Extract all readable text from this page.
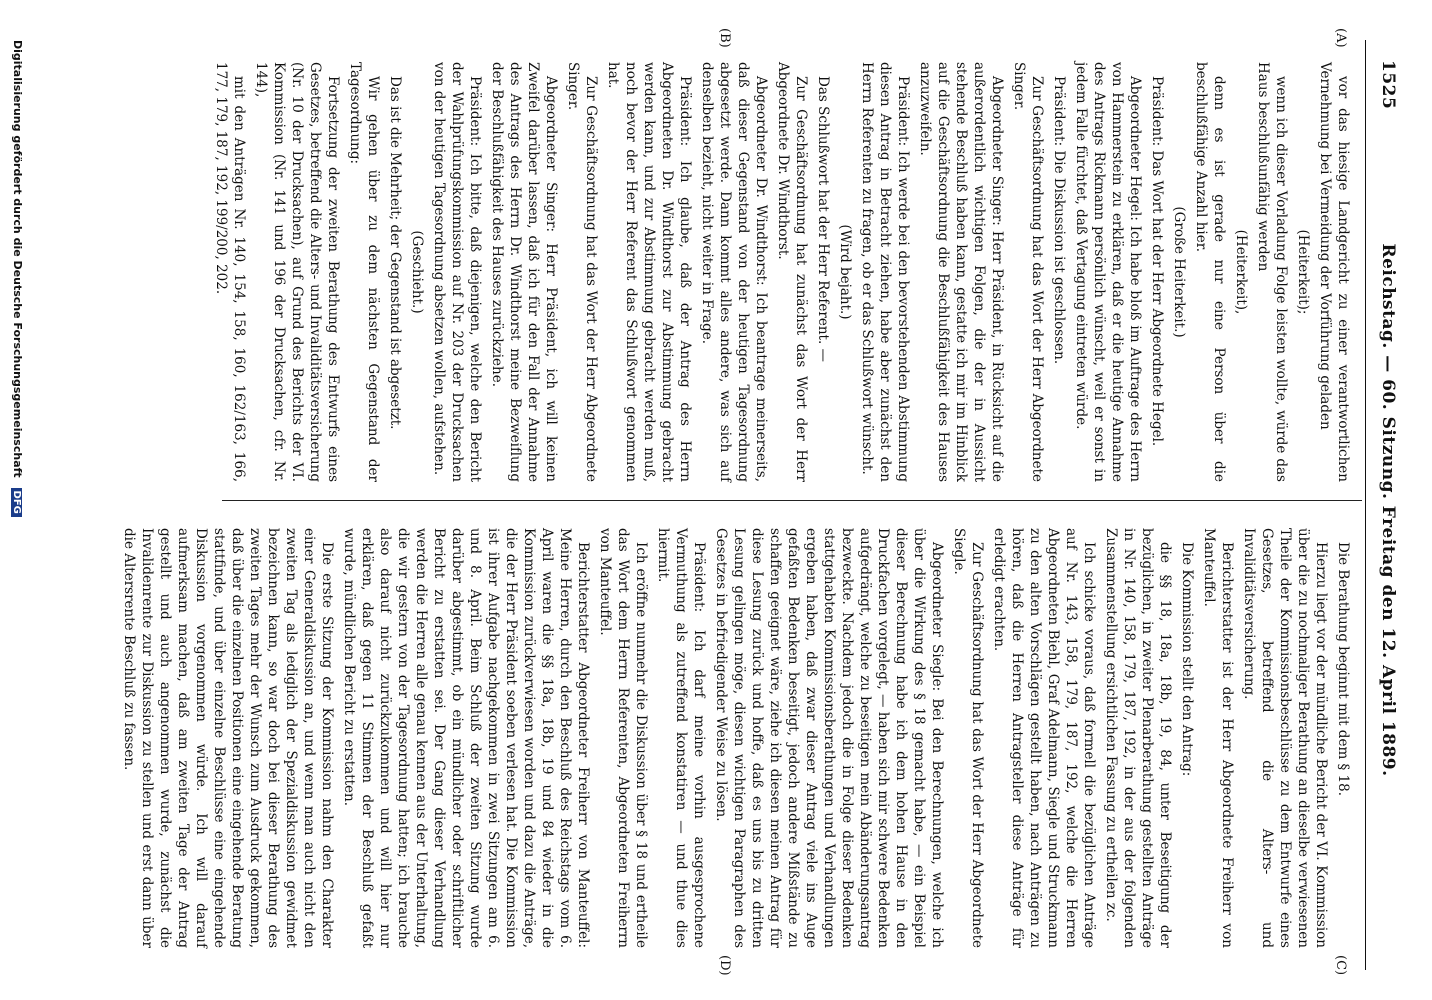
1525
Reichstag. — 60. Sitzung. Freitag den 12. April 1889.
(A)
(B)
(C)
(D)

vor das hiesige Landgericht zu einer verantwortlichen Vernehmung bei Vermeidung der Vorführung geladen

(Heiterkeit);

wenn ich dieser Vorladung Folge leisten wollte, würde das Haus beschlußunfähig werden

(Heiterkeit),

denn es ist gerade nur eine Person über die beschlußfähige Anzahl hier.

(Große Heiterkeit.)

Präsident: Das Wort hat der Herr Abgeordnete Hegel.

Abgeordneter Hegel: Ich habe bloß im Auftrage des Herrn von Hammerstein zu erklären, daß er die heutige Annahme des Antrags Rickmann persönlich wünscht, weil er sonst in jedem Falle fürchtet, daß Vertagung eintreten würde.

Präsident: Die Diskussion ist geschlossen.

Zur Geschäftsordnung hat das Wort der Herr Abgeordnete Singer.

Abgeordneter Singer: Herr Präsident, in Rücksicht auf die außerordentlich wichtigen Folgen, die der in Aussicht stehende Beschluß haben kann, gestatte ich mir im Hinblick auf die Geschäftsordnung die Beschlußfähigkeit des Hauses anzuzweifeln.

Präsident: Ich werde bei den bevorstehenden Abstimmung diesen Antrag in Betracht ziehen, habe aber zunächst den Herrn Referenten zu fragen, ob er das Schlußwort wünscht.

(Wird bejaht.)

Das Schlußwort hat der Herr Referent. —

Zur Geschäftsordnung hat zunächst das Wort der Herr Abgeordnete Dr. Windthorst.

Abgeordneter Dr. Windthorst: Ich beantrage meinerseits, daß dieser Gegenstand von der heutigen Tagesordnung abgesetzt werde. Dann kommt alles andere, was sich auf denselben bezieht, nicht weiter in Frage.

Präsident: Ich glaube, daß der Antrag des Herrn Abgeordneten Dr. Windthorst zur Abstimmung gebracht werden kann, und zur Abstimmung gebracht werden muß, noch bevor der Herr Referent das Schlußwort genommen hat.

Zur Geschäftsordnung hat das Wort der Herr Abgeordnete Singer.

Abgeordneter Singer: Herr Präsident, ich will keinen Zweifel darüber lassen, daß ich für den Fall der Annahme des Antrags des Herrn Dr. Windthorst meine Bezweiflung der Beschlußfähigkeit des Hauses zurückziehe.

Präsident: Ich bitte, daß diejenigen, welche den Bericht der Wahlprüfungskommission auf Nr. 203 der Drucksachen von der heutigen Tagesordnung absetzen wollen, aufstehen.

(Geschieht.)

Das ist die Mehrheit; der Gegenstand ist abgesetzt.

Wir gehen über zu dem nächsten Gegenstand der Tagesordnung:

Fortsetzung der zweiten Berathung des Entwurfs eines Gesetzes, betreffend die Alters- und Invaliditätsversicherung (Nr. 10 der Drucksachen), auf Grund des Berichts der VI. Kommission (Nr. 141 und 196 der Drucksachen, cfr. Nr. 144),

mit den Anträgen Nr. 140, 154, 158, 160, 162/163, 166, 177, 179, 187, 192, 199/200, 202.

Die Berathung beginnt mit dem § 18.

Hierzu liegt vor der mündliche Bericht der VI. Kommission über die zu nochmaliger Berathung an dieselbe verwiesenen Theile der Kommissionsbeschlüsse zu dem Entwurfe eines Gesetzes, betreffend die Alters- und Invaliditätsversicherung.

Berichterstatter ist der Herr Abgeordnete Freiherr von Manteuffel.

Die Kommission stellt den Antrag:

die §§ 18, 18a, 18b, 19, 84, unter Beseitigung der bezüglichen, in zweiter Plenarberathung gestellten Anträge in Nr. 140, 158, 179, 187, 192, in der aus der folgenden Zusammenstellung ersichtlichen Fassung zu ertheilen zc.

Ich schicke voraus, daß formell die bezüglichen Anträge auf Nr. 143, 158, 179, 187, 192, welche die Herren Abgeordneten Biehl, Graf Adelmann, Siegle und Struckmann zu den alten Vorschlägen gestellt haben, nach Anträgen zu hören, daß die Herren Antragsteller diese Anträge für erledigt erachten.

Zur Geschäftsordnung hat das Wort der Herr Abgeordnete Siegle.

Abgeordneter Siegle: Bei den Berechnungen, welche ich über die Wirkung des § 18 gemacht habe, — ein Beispiel dieser Berechnung habe ich dem hohen Hause in den Druckfachen vorgelegt, — haben sich mir schwere Bedenken aufgedrängt, welche zu beseitigen mein Abänderungsantrag bezweckte. Nachdem jedoch die in Folge dieser Bedenken stattgehabten Kommissionsberathungen und Verhandlungen ergeben haben, daß zwar dieser Antrag viele ins Auge gefaßten Bedenken beseitigt, jedoch andere Mißstände zu schaffen geeignet wäre, ziehe ich diesen meinen Antrag für diese Lesung zurück und hoffe, daß es uns bis zu dritten Lesung gelingen möge, diesen wichtigen Paragraphen des Gesetzes in befriedigender Weise zu lösen.

Präsident: Ich darf meine vorhin ausgesprochene Vermuthung als zutreffend konstatiren — und thue dies hiermit.

Ich eröffne nunmehr die Diskussion über § 18 und ertheile das Wort dem Herrn Referenten, Abgeordneten Freiherrn von Manteuffel.

Berichterstatter Abgeordneter Freiherr von Manteuffel: Meine Herren, durch den Beschluß des Reichstags vom 6. April waren die §§ 18a, 18b, 19 und 84 wieder in die Kommission zurückverwiesen worden und dazu die Anträge, die der Herr Präsident soeben verlesen hat. Die Kommission ist ihrer Aufgabe nachgekommen in zwei Sitzungen am 6. und 8. April. Beim Schluß der zweiten Sitzung wurde darüber abgestimmt, ob ein mündlicher oder schriftlicher Bericht zu erstatten sei. Der Gang dieser Verhandlung werden die Herren alle genau kennen aus der Unterhaltung, die wir gestern von der Tagesordnung hatten; ich brauche also darauf nicht zurückzukommen und will hier nur erklären, daß gegen 11 Stimmen der Beschluß gefaßt wurde, mündlichen Bericht zu erstatten.

Die erste Sitzung der Kommission nahm den Charakter einer Generaldiskussion an, und wenn man auch nicht den zweiten Tag als lediglich der Spezialdiskussion gewidmet bezeichnen kann, so war doch bei dieser Berathung des zweiten Tages mehr der Wunsch zum Ausdruck gekommen, daß über die einzelnen Positionen eine eingehende Beratung stattfinde, und über einzelne Beschlüsse eine eingehende Diskussion vorgenommen würde. Ich will darauf aufmerksam machen, daß am zweiten Tage der Antrag gestellt und auch angenommen wurde, zunächst die Invalidenrente zur Diskussion zu stellen und erst dann über die Altersrente Beschluß zu fassen.

Digitalisierung gefördert durch die Deutsche Forschungsgemeinschaft DFG
